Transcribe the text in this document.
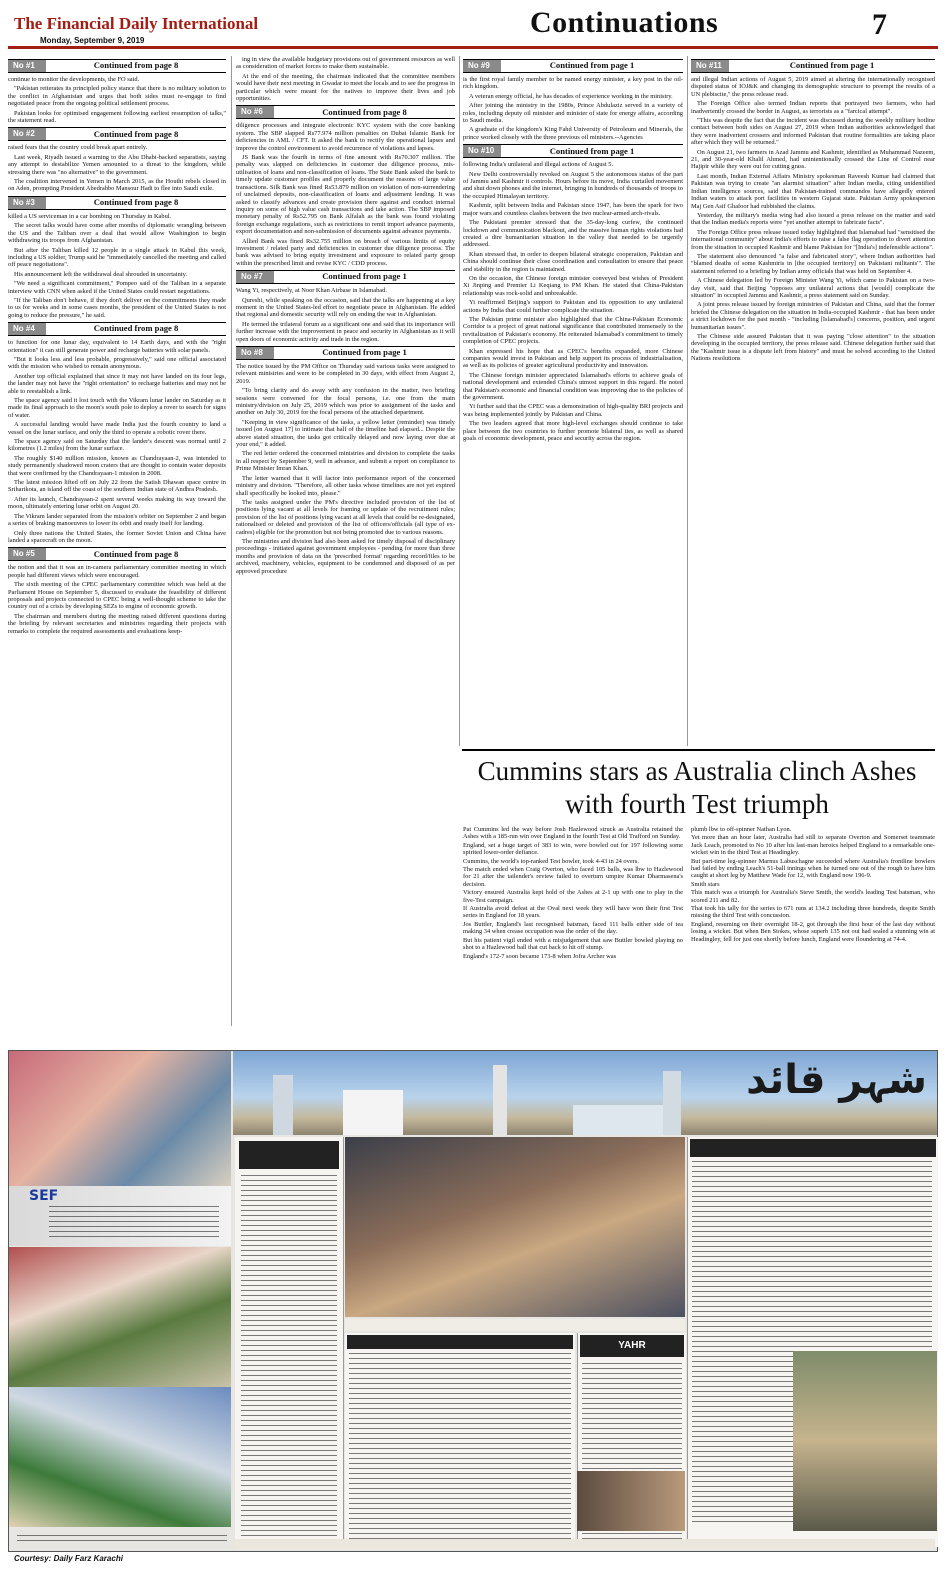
The Financial Daily International
Monday, September 9, 2019
Continuations	7
No #1	Continued from page 8

continue to monitor the developments, the FO said.

"Pakistan reiterates its principled policy stance that there is no military solution to the conflict in Afghanistan and urges that both sides must re-engage to find negotiated peace from the ongoing political settlement process.

Pakistan looks for optimised engagement following earliest resumption of talks," the statement read.

No #2	Continued from page 8

raised fears that the country could break apart entirely.

Last week, Riyadh issued a warning to the Abu Dhabi-backed separatists, saying any attempt to destabilize Yemen amounted to a threat to the kingdom, while stressing there was "no alternative" to the government.

The coalition intervened in Yemen in March 2015, as the Houthi rebels closed in on Aden, prompting President Abedrabbo Mansour Hadi to flee into Saudi exile.

No #3	Continued from page 8

killed a US serviceman in a car bombing on Thursday in Kabul.

The secret talks would have come after months of diplomatic wrangling between the US and the Taliban over a deal that would allow Washington to begin withdrawing its troops from Afghanistan.

But after the Taliban killed 12 people in a single attack in Kabul this week, including a US soldier, Trump said he "immediately cancelled the meeting and called off peace negotiations".

His announcement left the withdrawal deal shrouded in uncertainty.

"We need a significant commitment," Pompeo said of the Taliban in a separate interview with CNN when asked if the United States could restart negotiations.

"If the Taliban don't behave, if they don't deliver on the commitments they made to us for weeks and in some cases months, the president of the United States is not going to reduce the pressure," he said.

No #4	Continued from page 8

to function for one lunar day, equivalent to 14 Earth days, and with the "right orientation" it can still generate power and recharge batteries with solar panels.

"But it looks less and less probable, progressively," said one official associated with the mission who wished to remain anonymous.

Another top official explained that since it may not have landed on its four legs, the lander may not have the "right orientation" to recharge batteries and may not be able to reestablish a link.

The space agency said it lost touch with the Vikram lunar lander on Saturday as it made its final approach to the moon's south pole to deploy a rover to search for signs of water.

A successful landing would have made India just the fourth country to land a vessel on the lunar surface, and only the third to operate a robotic rover there.

The space agency said on Saturday that the lander's descent was normal until 2 kilometres (1.2 miles) from the lunar surface.

The roughly $140 million mission, known as Chandrayaan-2, was intended to study permanently shadowed moon craters that are thought to contain water deposits that were confirmed by the Chandrayaan-1 mission in 2008.

The latest mission lifted off on July 22 from the Satish Dhawan space centre in Sriharikota, an island off the coast of the southern Indian state of Andhra Pradesh.

After its launch, Chandrayaan-2 spent several weeks making its way toward the moon, ultimately entering lunar orbit on August 20.

The Vikram lander separated from the mission's orbiter on September 2 and began a series of braking manoeuvres to lower its orbit and ready itself for landing.

Only three nations the United States, the former Soviet Union and China have landed a spacecraft on the moon.

No #5	Continued from page 8

the notion and that it was an in-camera parliamentary committee meeting in which people had different views which were encouraged.

The sixth meeting of the CPEC parliamentary committee which was held at the Parliament House on September 5, discussed to evaluate the feasibility of different proposals and projects connected to CPEC being a well-thought scheme to take the country out of a crisis by developing SEZs to engine of economic growth.

The chairman and members during the meeting raised different questions during the briefing by relevant secretaries and ministries regarding their projects with remarks to complete the required assessments and evaluations keep-

ing in view the available budgetary provisions out of government resources as well as consideration of market forces to make them sustainable.

At the end of the meeting, the chairman indicated that the committee members would have their next meeting in Gwadar to meet the locals and to see the progress in particular which were meant for the natives to improve their lives and job opportunities.

No #6	Continued from page 8

diligence processes and integrate electronic KYC system with the core banking system. The SBP slapped Rs77.974 million penalties on Dubai Islamic Bank for deficiencies in AML / CFT. It asked the bank to rectify the operational lapses and improve the control environment to avoid recurrence of violations and lapses.

JS Bank was the fourth in terms of fine amount with Rs70.307 million. The penalty was slapped on deficiencies in customer due diligence process, mis-utilisation of loans and non-classification of loans. The State Bank asked the bank to timely update customer profiles and properly document the reasons of large value transactions. Silk Bank was fined Rs53.879 million on violation of non-surrendering of unclaimed deposits, non-classification of loans and adjustment lending. It was asked to classify advances and create provision there against and conduct internal inquiry on some of high value cash transactions and take action. The SBP imposed monetary penalty of Rs52.795 on Bank Alfalah as the bank was found violating foreign exchange regulations, such as restrictions to remit import advance payments, export documentation and non-submission of documents against advance payments.

Allied Bank was fined Rs32.755 million on breach of various limits of equity investment / related party and deficiencies in customer due diligence process. The bank was advised to bring equity investment and exposure to related party group within the prescribed limit and revise KYC / CDD process.

No #7	Continued from page 1

Wang Yi, respectively, at Noor Khan Airbase in Islamabad.

Qureshi, while speaking on the occasion, said that the talks are happening at a key moment in the United States-led effort to negotiate peace in Afghanistan. He added that regional and domestic security will rely on ending the war in Afghanistan.

He termed the trilateral forum as a significant one and said that its importance will further increase with the improvement in peace and security in Afghanistan as it will open doors of economic activity and trade in the region.

No #8	Continued from page 1

The notice issued by the PM Office on Thursday said various tasks were assigned to relevant ministries and were to be completed in 30 days, with effect from August 2, 2019.

"To bring clarity and do away with any confusion in the matter, two briefing sessions were convened for the focal persons, i.e. one from the main ministry/division on July 25, 2019 which was prior to assignment of the tasks and another on July 30, 2019 for the focal persons of the attached department.

"Keeping in view significance of the tasks, a yellow letter (reminder) was timely issued [on August 17] to intimate that half of the timeline had elapsed... Despite the above stated situation, the tasks got critically delayed and now laying over due at your end," it added.

The red letter ordered the concerned ministries and division to complete the tasks in all respect by September 9, well in advance, and submit a report on compliance to Prime Minister Imran Khan.

The letter warned that it will factor into performance report of the concerned ministry and division. "Therefore, all other tasks whose timelines are not yet expired shall specifically be looked into, please."

The tasks assigned under the PM's directive included provision of the list of positions lying vacant at all levels for framing or update of the recruitment rules; provision of the list of positions lying vacant at all levels that could be re-designated, rationalised or deleted and provision of the list of officers/officials (all type of ex-cadres) eligible for the promotion but not being promoted due to various reasons.

The ministries and division had also been asked for timely disposal of disciplinary proceedings - initiated against government employees - pending for more than three months and provision of data on the 'prescribed format' regarding record/files to be archived, machinery, vehicles, equipment to be condemned and disposed of as per approved procedure

No #9	Continued from page 1

is the first royal family member to be named energy minister, a key post in the oil-rich kingdom.

A veteran energy official, he has decades of experience working in the ministry.

After joining the ministry in the 1980s, Prince Abdulaziz served in a variety of roles, including deputy oil minister and minister of state for energy affairs, according to Saudi media.

A graduate of the kingdom's King Fahd University of Petroleum and Minerals, the prince worked closely with the three previous oil ministers.--Agencies

No #10	Continued from page 1

following India's unilateral and illegal actions of August 5.

New Delhi controversially revoked on August 5 the autonomous status of the part of Jammu and Kashmir it controls. Hours before its move, India curtailed movement and shut down phones and the internet, bringing in hundreds of thousands of troops to the occupied Himalayan territory.

Kashmir, split between India and Pakistan since 1947, has been the spark for two major wars and countless clashes between the two nuclear-armed arch-rivals.

The Pakistani premier stressed that the 35-day-long curfew, the continued lockdown and communication blackout, and the massive human rights violations had created a dire humanitarian situation in the valley that needed to be urgently addressed.

Khan stressed that, in order to deepen bilateral strategic cooperation, Pakistan and China should continue their close coordination and consultation to ensure that peace and stability in the region is maintained.

On the occasion, the Chinese foreign minister conveyed best wishes of President Xi Jinping and Premier Li Keqiang to PM Khan. He stated that China-Pakistan relationship was rock-solid and unbreakable.

Yi reaffirmed Beijing's support to Pakistan and its opposition to any unilateral actions by India that could further complicate the situation.

The Pakistan prime minister also highlighted that the China-Pakistan Economic Corridor is a project of great national significance that contributed immensely to the revitalization of Pakistan's economy. He reiterated Islamabad's commitment to timely completion of CPEC projects.

Khan expressed his hope that as CPEC's benefits expanded, more Chinese companies would invest in Pakistan and help support its process of industrialisation, as well as its policies of greater agricultural productivity and innovation.

The Chinese foreign minister appreciated Islamabad's efforts to achieve goals of national development and extended China's utmost support in this regard. He noted that Pakistan's economic and financial condition was improving due to the policies of the government.

Yi further said that the CPEC was a demonstration of high-quality BRI projects and was being implemented jointly by Pakistan and China.

The two leaders agreed that more high-level exchanges should continue to take place between the two countries to further promote bilateral ties, as well as shared goals of economic development, peace and security across the region.

No #11	Continued from page 1

and illegal Indian actions of August 5, 2019 aimed at altering the internationally recognised disputed status of IOJ&K and changing its demographic structure to preempt the results of a UN plebiscite," the press release read.

The Foreign Office also termed Indian reports that portrayed two farmers, who had inadvertently crossed the border in August, as terrorists as a "farcical attempt".

"This was despite the fact that the incident was discussed during the weekly military hotline contact between both sides on August 27, 2019 when Indian authorities acknowledged that they were inadvertent crossers and informed Pakistan that routine formalities are taking place after which they will be returned."

On August 21, two farmers in Azad Jammu and Kashmir, identified as Muhammad Nazeem, 21, and 30-year-old Khalil Ahmed, had unintentionally crossed the Line of Control near Hajipir while they were out for cutting grass.

Last month, Indian External Affairs Ministry spokesman Raveesh Kumar had claimed that Pakistan was trying to create "an alarmist situation" after Indian media, citing unidentified Indian intelligence sources, said that Pakistan-trained commandos have allegedly entered Indian waters to attack port facilities in western Gujarat state. Pakistan Army spokesperson Maj Gen Asif Ghafoor had rubbished the claims.

Yesterday, the military's media wing had also issued a press release on the matter and said that the Indian media's reports were "yet another attempt to fabricate facts".

The Foreign Office press release issued today highlighted that Islamabad had "sensitised the international community" about India's efforts to raise a false flag operation to divert attention from the situation in occupied Kashmir and blame Pakistan for "[India's] indefensible actions".

The statement also denounced "a false and fabricated story", where Indian authorities had "blamed deaths of some Kashmiris in [the occupied territory] on 'Pakistani militants'". The statement referred to a briefing by Indian army officials that was held on September 4.

A Chinese delegation led by Foreign Minister Wang Yi, which came to Pakistan on a two-day visit, said that Beijing "opposes any unilateral actions that [would] complicate the situation" in occupied Jammu and Kashmir, a press statement said on Sunday.

A joint press release issued by foreign ministries of Pakistan and China, said that the former briefed the Chinese delegation on the situation in India-occupied Kashmir - that has been under a strict lockdown for the past month - "including [Islamabad's] concerns, position, and urgent humanitarian issues".

The Chinese side assured Pakistan that it was paying "close attention" to the situation developing in the occupied territory, the press release said. Chinese delegation further said that the "Kashmir issue is a dispute left from history" and must be solved according to the United Nations resolutions

Cummins stars as Australia clinch Ashes with fourth Test triumph

Pat Cummins led the way before Josh Hazlewood struck as Australia retained the Ashes with a 185-run win over England in the fourth Test at Old Trafford on Sunday.

England, set a huge target of 383 to win, were bowled out for 197 following some spirited lower-order defiance.

Cummins, the world's top-ranked Test bowler, took 4-43 in 24 overs.

The match ended when Craig Overton, who faced 105 balls, was lbw to Hazlewood for 21 after the tailender's review failed to overturn umpire Kumar Dharmasena's decision.

Victory ensured Australia kept hold of the Ashes at 2-1 up with one to play in the five-Test campaign.

If Australia avoid defeat at the Oval next week they will have won their first Test series in England for 18 years.

Jos Buttler, England's last recognised batsman, faced 111 balls either side of tea making 34 when crease occupation was the order of the day.

But his patient vigil ended with a misjudgement that saw Buttler bowled playing no shot to a Hazlewood ball that cut back to hit off stump.

England's 172-7 soon became 173-8 when Jofra Archer was

plumb lbw to off-spinner Nathan Lyon.

Yet more than an hour later, Australia had still to separate Overton and Somerset teammate Jack Leach, promoted to No 10 after his last-man heroics helped England to a remarkable one-wicket win in the third Test at Headingley.

But part-time leg-spinner Marnus Labuschagne succeeded where Australia's frontline bowlers had failed by ending Leach's 51-ball innings when he turned one out of the rough to have him caught at short leg by Matthew Wade for 12, with England now 196-9.

Smith stars

This match was a triumph for Australia's Steve Smith, the world's leading Test batsman, who scored 211 and 82.

That took his tally for the series to 671 runs at 134.2 including three hundreds, despite Smith missing the third Test with concussion.

England, resuming on their overnight 18-2, got through the first hour of the last day without losing a wicket. But when Ben Stokes, whose superb 135 not out had sealed a stunning win at Headingley, fell for just one shortly before lunch, England were floundering at 74-4.

SEF
شہر قائد
YAHR
Courtesy: Daily Farz Karachi
